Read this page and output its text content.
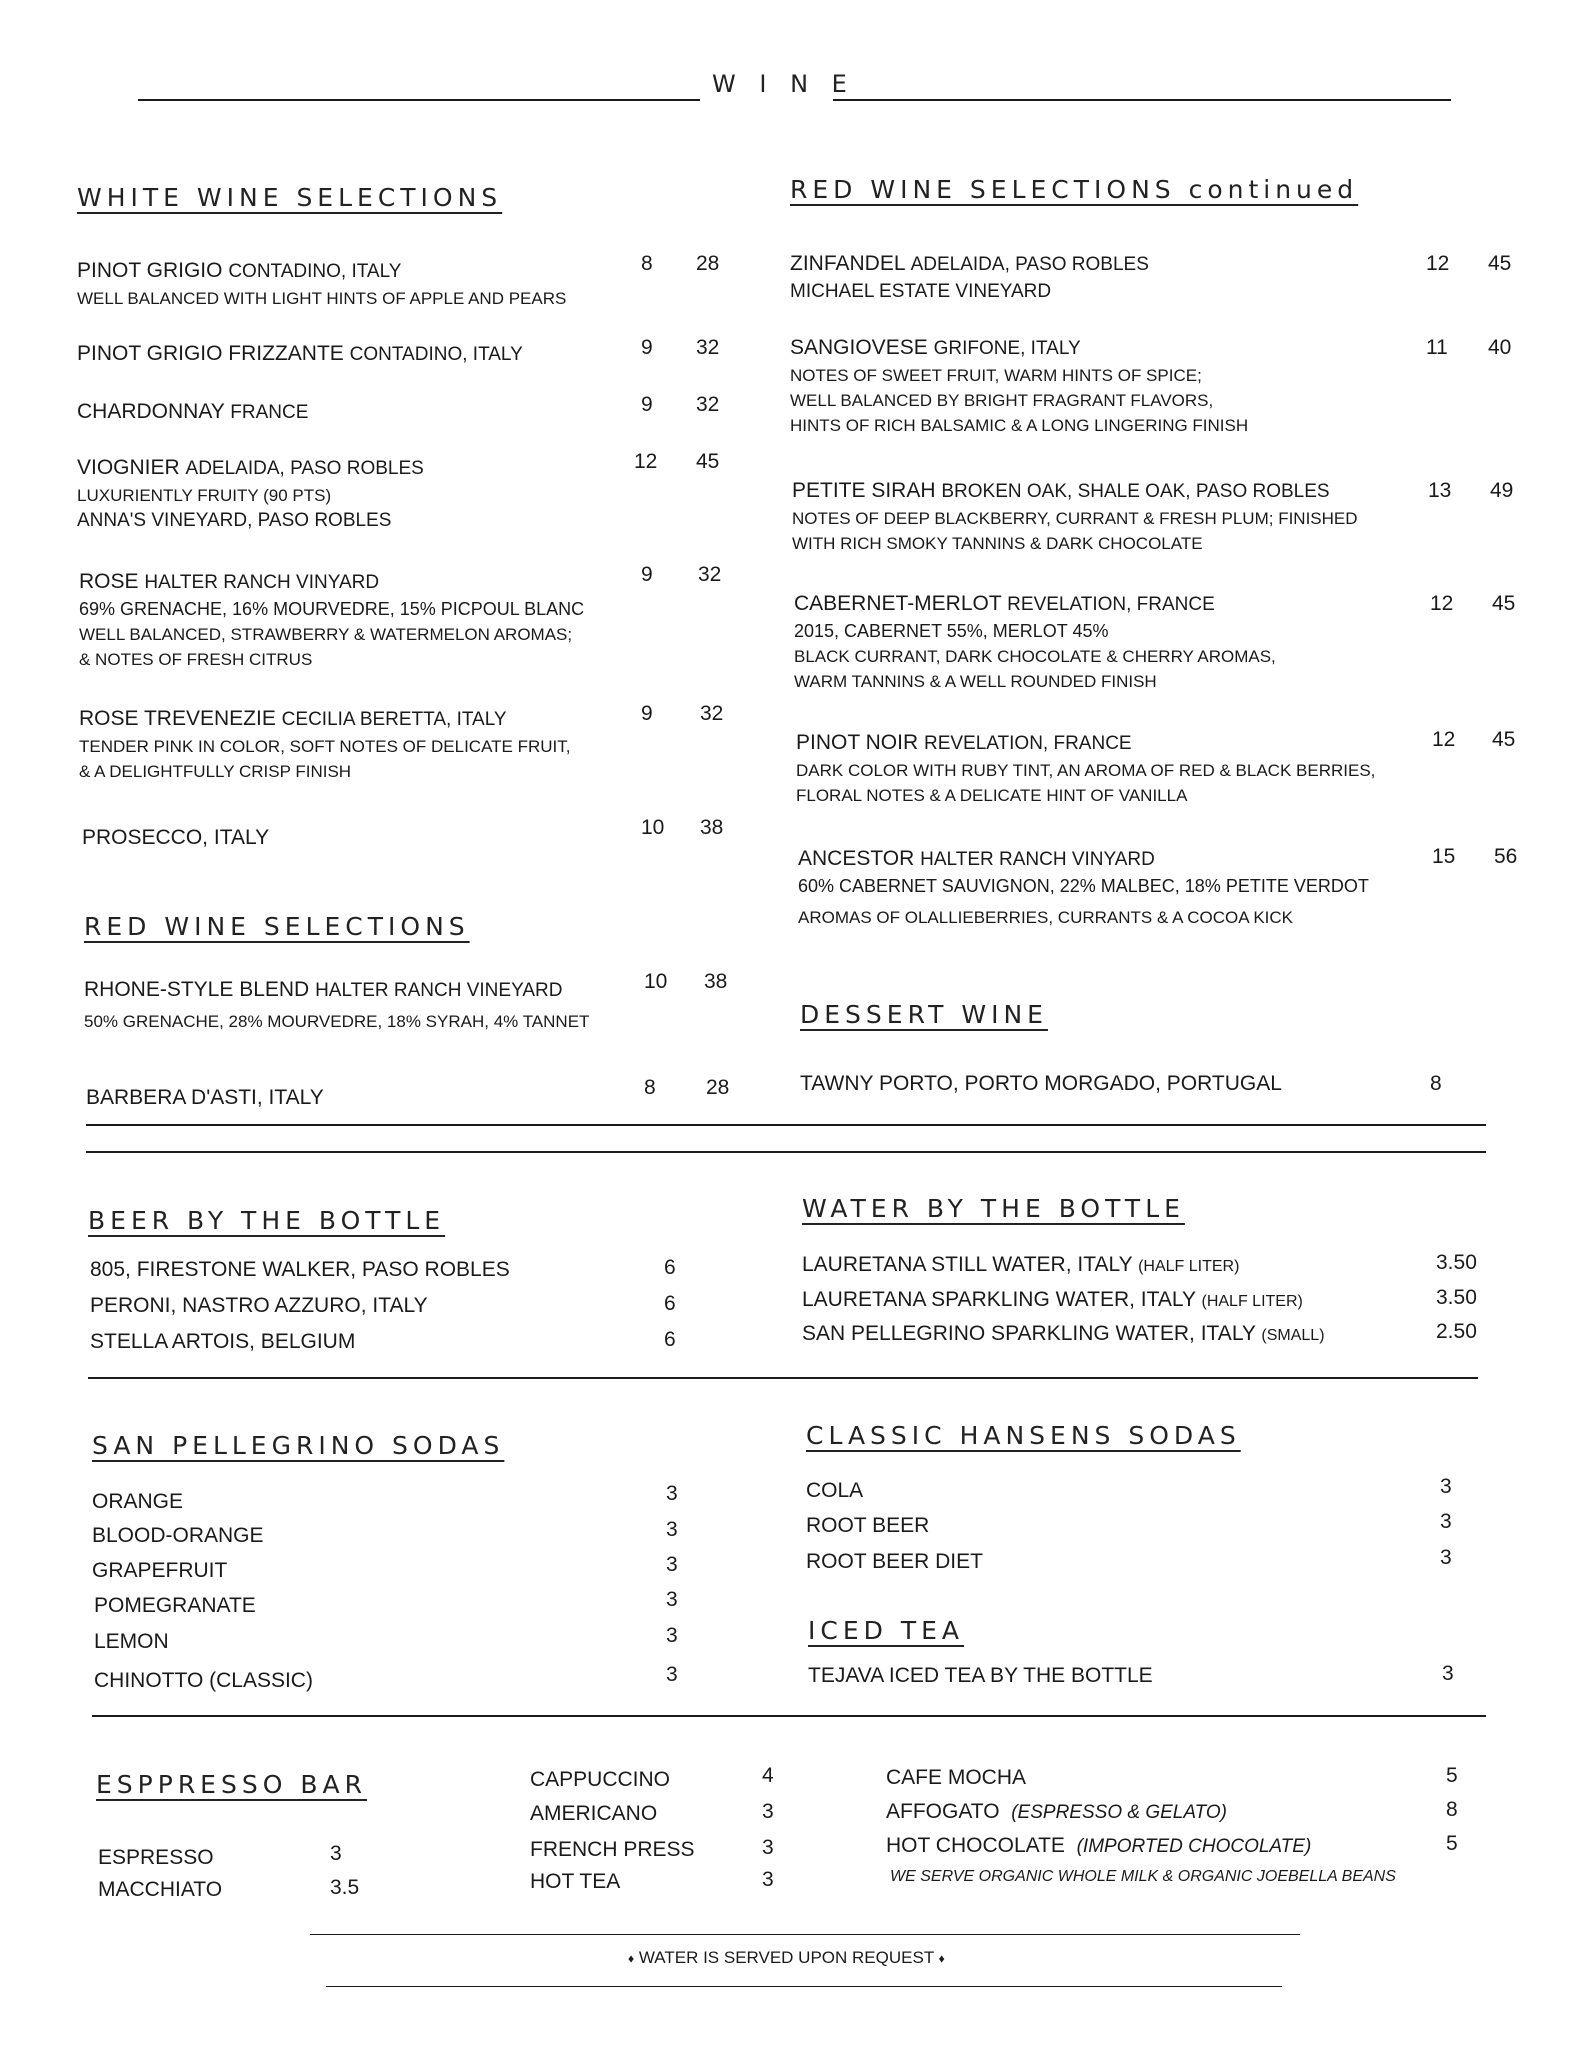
W I N E
WHITE WINE SELECTIONS
PINOT GRIGIO CONTADINO, ITALY
WELL BALANCED WITH LIGHT HINTS OF APPLE AND PEARS
8 28
PINOT GRIGIO FRIZZANTE CONTADINO, ITALY	9 32
CHARDONNAY FRANCE	9 32
VIOGNIER ADELAIDA, PASO ROBLES
LUXURIENTLY FRUITY (90 PTS)
ANNA'S VINEYARD, PASO ROBLES
12 45
ROSE HALTER RANCH VINYARD
69% GRENACHE, 16% MOURVEDRE, 15% PICPOUL BLANC
WELL BALANCED, STRAWBERRY & WATERMELON AROMAS;
& NOTES OF FRESH CITRUS
9 32
ROSE TREVENEZIE CECILIA BERETTA, ITALY
TENDER PINK IN COLOR, SOFT NOTES OF DELICATE FRUIT,
& A DELIGHTFULLY CRISP FINISH
9 32
PROSECCO, ITALY	10 38
RED WINE SELECTIONS
RHONE-STYLE BLEND HALTER RANCH VINEYARD
50% GRENACHE, 28% MOURVEDRE, 18% SYRAH, 4% TANNET
10 38
BARBERA D'ASTI, ITALY	8 28
RED WINE SELECTIONS continued
ZINFANDEL ADELAIDA, PASO ROBLES
MICHAEL ESTATE VINEYARD
12 45
SANGIOVESE GRIFONE, ITALY
NOTES OF SWEET FRUIT, WARM HINTS OF SPICE;
WELL BALANCED BY BRIGHT FRAGRANT FLAVORS,
HINTS OF RICH BALSAMIC & A LONG LINGERING FINISH
11 40
PETITE SIRAH BROKEN OAK, SHALE OAK, PASO ROBLES
NOTES OF DEEP BLACKBERRY, CURRANT & FRESH PLUM; FINISHED
WITH RICH SMOKY TANNINS & DARK CHOCOLATE
13 49
CABERNET-MERLOT REVELATION, FRANCE
2015, CABERNET 55%, MERLOT 45%
BLACK CURRANT, DARK CHOCOLATE & CHERRY AROMAS,
WARM TANNINS & A WELL ROUNDED FINISH
12 45
PINOT NOIR REVELATION, FRANCE
DARK COLOR WITH RUBY TINT, AN AROMA OF RED & BLACK BERRIES,
FLORAL NOTES & A DELICATE HINT OF VANILLA
12 45
ANCESTOR HALTER RANCH VINYARD
60% CABERNET SAUVIGNON, 22% MALBEC, 18% PETITE VERDOT
AROMAS OF OLALLIEBERRIES, CURRANTS & A COCOA KICK
15 56
DESSERT WINE
TAWNY PORTO, PORTO MORGADO, PORTUGAL	8
BEER BY THE BOTTLE
805, FIRESTONE WALKER, PASO ROBLES	6
PERONI, NASTRO AZZURO, ITALY	6
STELLA ARTOIS, BELGIUM	6
WATER BY THE BOTTLE
LAURETANA STILL WATER, ITALY (HALF LITER)	3.50
LAURETANA SPARKLING WATER, ITALY (HALF LITER)	3.50
SAN PELLEGRINO SPARKLING WATER, ITALY (SMALL)	2.50
SAN PELLEGRINO SODAS
ORANGE	3
BLOOD-ORANGE	3
GRAPEFRUIT	3
POMEGRANATE	3
LEMON	3
CHINOTTO (CLASSIC)	3
CLASSIC HANSENS SODAS
COLA	3
ROOT BEER	3
ROOT BEER DIET	3
ICED TEA
TEJAVA ICED TEA BY THE BOTTLE	3
ESPPRESSO BAR
ESPRESSO	3
MACCHIATO	3.5
CAPPUCCINO	4
AMERICANO	3
FRENCH PRESS	3
HOT TEA	3
CAFE MOCHA	5
AFFOGATO (ESPRESSO & GELATO)	8
HOT CHOCOLATE (IMPORTED CHOCOLATE)	5
WE SERVE ORGANIC WHOLE MILK & ORGANIC JOEBELLA BEANS
♦ WATER IS SERVED UPON REQUEST ♦
